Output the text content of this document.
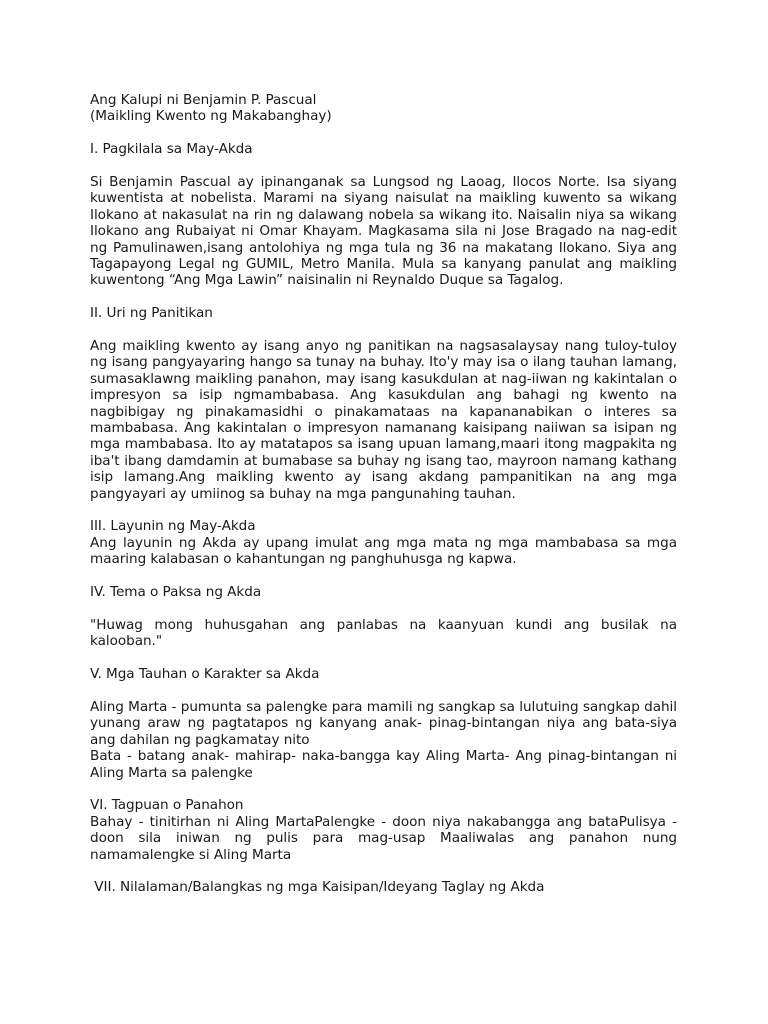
Ang Kalupi ni Benjamin P. Pascual

(Maikling Kwento ng Makabanghay)

I. Pagkilala sa May-Akda

Si Benjamin Pascual ay ipinanganak sa Lungsod ng Laoag, Ilocos Norte. Isa siyang kuwentista at nobelista. Marami na siyang naisulat na maikling kuwento sa wikang Ilokano at nakasulat na rin ng dalawang nobela sa wikang ito. Naisalin niya sa wikang Ilokano ang Rubaiyat ni Omar Khayam. Magkasama sila ni Jose Bragado na nag-edit ng Pamulinawen,isang antolohiya ng mga tula ng 36 na makatang Ilokano. Siya ang Tagapayong Legal ng GUMIL, Metro Manila. Mula sa kanyang panulat ang maikling kuwentong “Ang Mga Lawin” naisinalin ni Reynaldo Duque sa Tagalog.

II. Uri ng Panitikan

Ang maikling kwento ay isang anyo ng panitikan na nagsasalaysay nang tuloy-tuloy ng isang pangyayaring hango sa tunay na buhay. Ito'y may isa o ilang tauhan lamang, sumasaklawng maikling panahon, may isang kasukdulan at nag-iiwan ng kakintalan o impresyon sa isip ngmambabasa. Ang kasukdulan ang bahagi ng kwento na nagbibigay ng pinakamasidhi o pinakamataas na kapananabikan o interes sa mambabasa. Ang kakintalan o impresyon namanang kaisipang naiiwan sa isipan ng mga mambabasa. Ito ay matatapos sa isang upuan lamang,maari itong magpakita ng iba't ibang damdamin at bumabase sa buhay ng isang tao, mayroon namang kathang isip lamang.Ang maikling kwento ay isang akdang pampanitikan na ang mga pangyayari ay umiinog sa buhay na mga pangunahing tauhan.

III. Layunin ng May-Akda

Ang layunin ng Akda ay upang imulat ang mga mata ng mga mambabasa sa mga maaring kalabasan o kahantungan ng panghuhusga ng kapwa.

IV. Tema o Paksa ng Akda

"Huwag mong huhusgahan ang panlabas na kaanyuan kundi ang busilak na kalooban."

V. Mga Tauhan o Karakter sa Akda

Aling Marta - pumunta sa palengke para mamili ng sangkap sa lulutuing sangkap dahil yunang araw ng pagtatapos ng kanyang anak- pinag-bintangan niya ang bata-siya ang dahilan ng pagkamatay nito

Bata - batang anak- mahirap- naka-bangga kay Aling Marta- Ang pinag-bintangan ni Aling Marta sa palengke

VI. Tagpuan o Panahon

Bahay - tinitirhan ni Aling MartaPalengke - doon niya nakabangga ang bataPulisya -doon sila iniwan ng pulis para mag-usap Maaliwalas ang panahon nung namamalengke si Aling Marta

VII. Nilalaman/Balangkas ng mga Kaisipan/Ideyang Taglay ng Akda
